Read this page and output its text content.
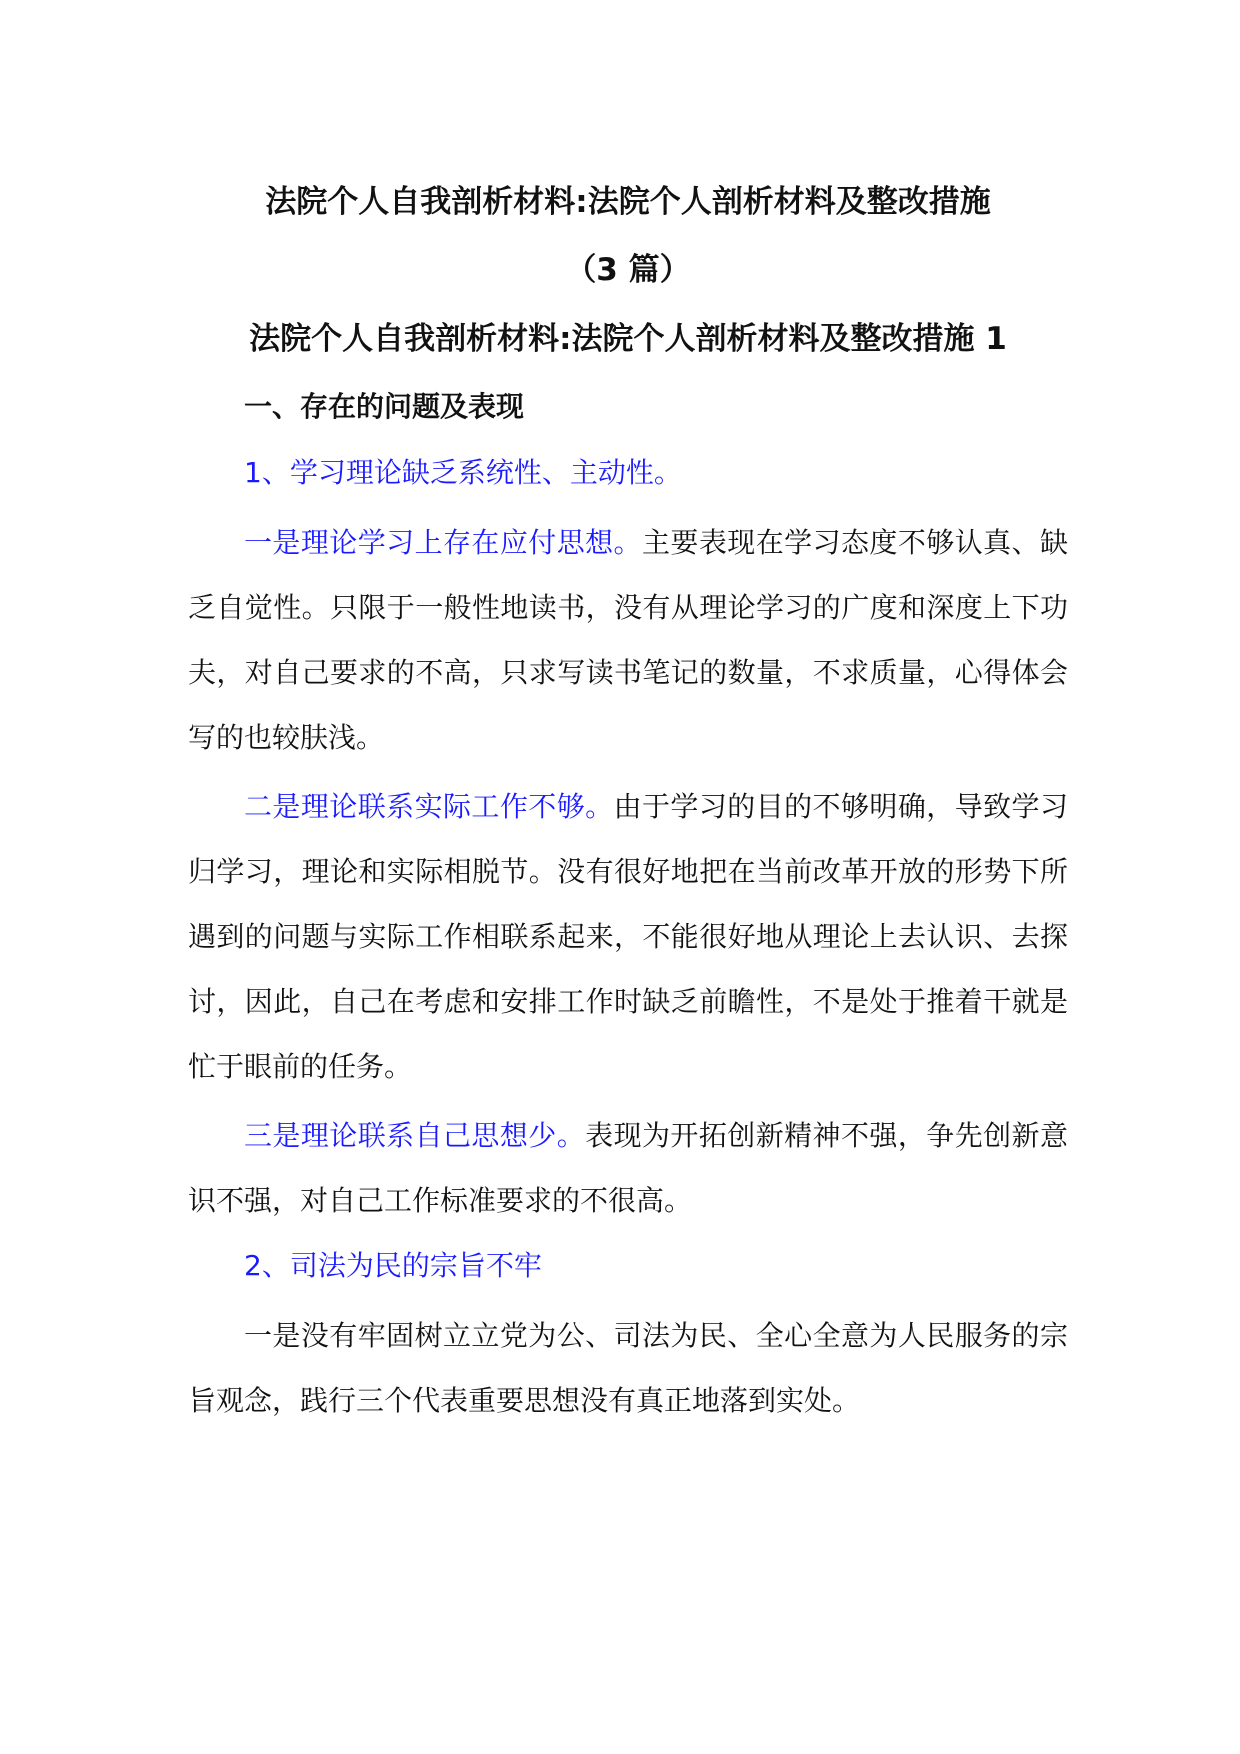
法院个人自我剖析材料:法院个人剖析材料及整改措施

（3 篇）

法院个人自我剖析材料:法院个人剖析材料及整改措施 1

一、存在的问题及表现

1、学习理论缺乏系统性、主动性。

一是理论学习上存在应付思想。主要表现在学习态度不够认真、缺乏自觉性。只限于一般性地读书，没有从理论学习的广度和深度上下功夫，对自己要求的不高，只求写读书笔记的数量，不求质量，心得体会写的也较肤浅。

二是理论联系实际工作不够。由于学习的目的不够明确，导致学习归学习，理论和实际相脱节。没有很好地把在当前改革开放的形势下所遇到的问题与实际工作相联系起来，不能很好地从理论上去认识、去探讨，因此，自己在考虑和安排工作时缺乏前瞻性，不是处于推着干就是忙于眼前的任务。

三是理论联系自己思想少。表现为开拓创新精神不强，争先创新意识不强，对自己工作标准要求的不很高。

2、司法为民的宗旨不牢

一是没有牢固树立立党为公、司法为民、全心全意为人民服务的宗旨观念，践行三个代表重要思想没有真正地落到实处。
